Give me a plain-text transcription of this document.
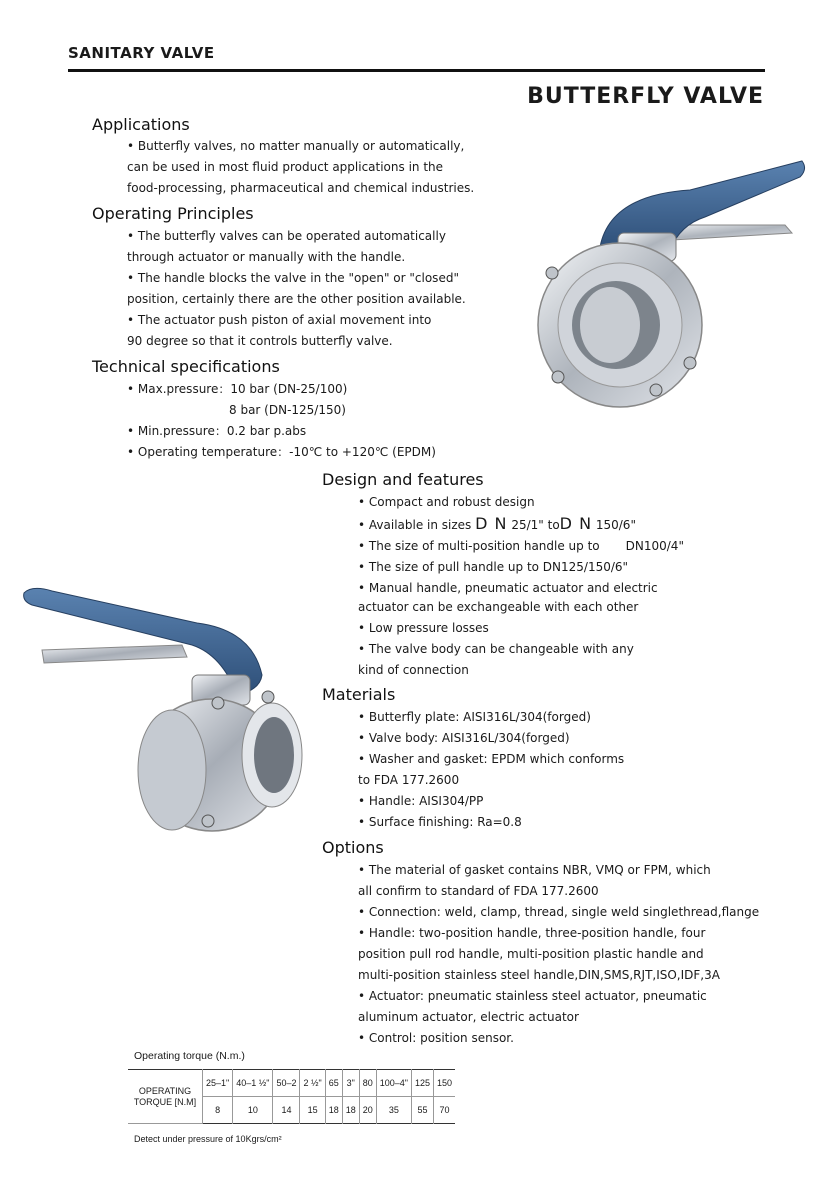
SANITARY VALVE
BUTTERFLY VALVE
Applications
• Butterfly valves, no matter manually or automatically,
can be used in most fluid product applications in the
food-processing, pharmaceutical and chemical industries.
Operating Principles
• The butterfly valves can be operated automatically
through actuator or manually with the handle.
• The handle blocks the valve in the "open" or "closed"
position, certainly there are the other position available.
• The actuator push piston of axial movement into
90 degree so that it controls butterfly valve.
Technical specifications
• Max.pressure：10 bar (DN-25/100)
8 bar (DN-125/150)
• Min.pressure：0.2 bar p.abs
• Operating temperature：-10℃ to +120℃ (EPDM)
Design and features
• Compact and robust design
• Available in sizes D N 25/1" toD N 150/6"
• The size of multi-position handle up to DN100/4"
• The size of pull handle up to DN125/150/6"
• Manual handle, pneumatic actuator and electric
actuator can be exchangeable with each other
• Low pressure losses
• The valve body can be changeable with any
kind of connection
Materials
• Butterfly plate: AISI316L/304(forged)
• Valve body: AISI316L/304(forged)
• Washer and gasket: EPDM which conforms
to FDA 177.2600
• Handle: AISI304/PP
• Surface finishing: Ra=0.8
Options
• The material of gasket contains NBR, VMQ or FPM, which
all confirm to standard of FDA 177.2600
• Connection: weld, clamp, thread, single weld singlethread,flange
• Handle: two-position handle, three-position handle, four
position pull rod handle, multi-position plastic handle and
multi-position stainless steel handle,DIN,SMS,RJT,ISO,IDF,3A
• Actuator: pneumatic stainless steel actuator, pneumatic
aluminum actuator, electric actuator
• Control: position sensor.
Operating torque (N.m.)
OPERATING
TORQUE [N.M]	25–1"	40–1 ½"	50–2	2 ½"	65	3"	80	100–4"	125	150
	8	10	14	15	18	18	20	35	55	70
Detect under pressure of 10Kgrs/cm²
